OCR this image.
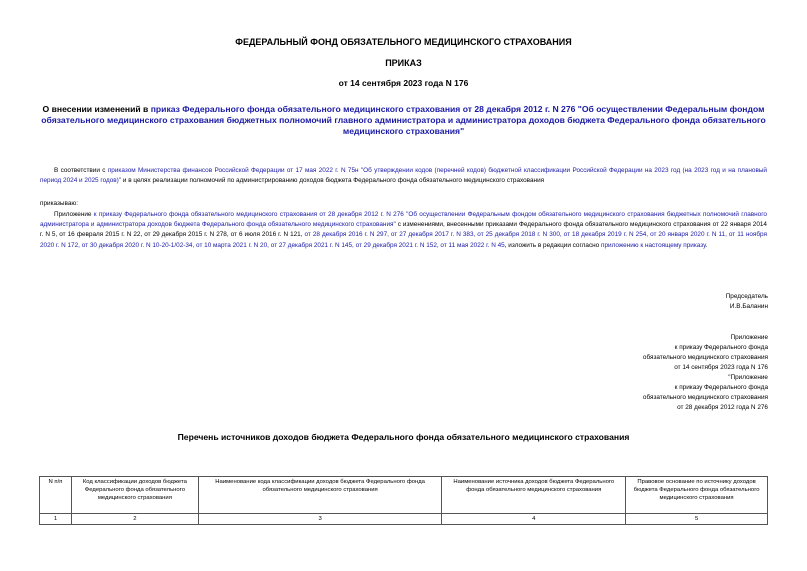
ФЕДЕРАЛЬНЫЙ ФОНД ОБЯЗАТЕЛЬНОГО МЕДИЦИНСКОГО СТРАХОВАНИЯ
ПРИКАЗ
от 14 сентября 2023 года N 176
О внесении изменений в приказ Федерального фонда обязательного медицинского страхования от 28 декабря 2012 г. N 276 "Об осуществлении Федеральным фондом обязательного медицинского страхования бюджетных полномочий главного администратора и администратора доходов бюджета Федерального фонда обязательного медицинского страхования"
В соответствии с приказом Министерства финансов Российской Федерации от 17 мая 2022 г. N 75н "Об утверждении кодов (перечней кодов) бюджетной классификации Российской Федерации на 2023 год (на 2023 год и на плановый период 2024 и 2025 годов)" и в целях реализации полномочий по администрированию доходов бюджета Федерального фонда обязательного медицинского страхования
приказываю:
Приложение к приказу Федерального фонда обязательного медицинского страхования от 28 декабря 2012 г. N 276 "Об осуществлении Федеральным фондом обязательного медицинского страхования бюджетных полномочий главного администратора и администратора доходов бюджета Федерального фонда обязательного медицинского страхования" с изменениями, внесенными приказами Федерального фонда обязательного медицинского страхования от 22 января 2014 г. N 5, от 16 февраля 2015 г. N 22, от 29 декабря 2015 г. N 278, от 6 июля 2016 г. N 121, от 28 декабря 2016 г. N 297, от 27 декабря 2017 г. N 383, от 25 декабря 2018 г. N 300, от 18 декабря 2019 г. N 254, от 20 января 2020 г. N 11, от 11 ноября 2020 г. N 172, от 30 декабря 2020 г. N 10-20-1/02-34, от 10 марта 2021 г. N 20, от 27 декабря 2021 г. N 145, от 29 декабря 2021 г. N 152, от 11 мая 2022 г. N 45, изложить в редакции согласно приложению к настоящему приказу.
Председатель
И.В.Баланин
Приложение
к приказу Федерального фонда
обязательного медицинского страхования
от 14 сентября 2023 года N 176
"Приложение
к приказу Федерального фонда
обязательного медицинского страхования
от 28 декабря 2012 года N 276
Перечень источников доходов бюджета Федерального фонда обязательного медицинского страхования
N п/п	Код классификации доходов бюджета Федерального фонда обязательного медицинского страхования	Наименование кода классификации доходов бюджета Федерального фонда обязательного медицинского страхования	Наименование источника доходов бюджета Федерального фонда обязательного медицинского страхования	Правовое основание по источнику доходов бюджета Федерального фонда обязательного медицинского страхования
1	2	3	4	5
